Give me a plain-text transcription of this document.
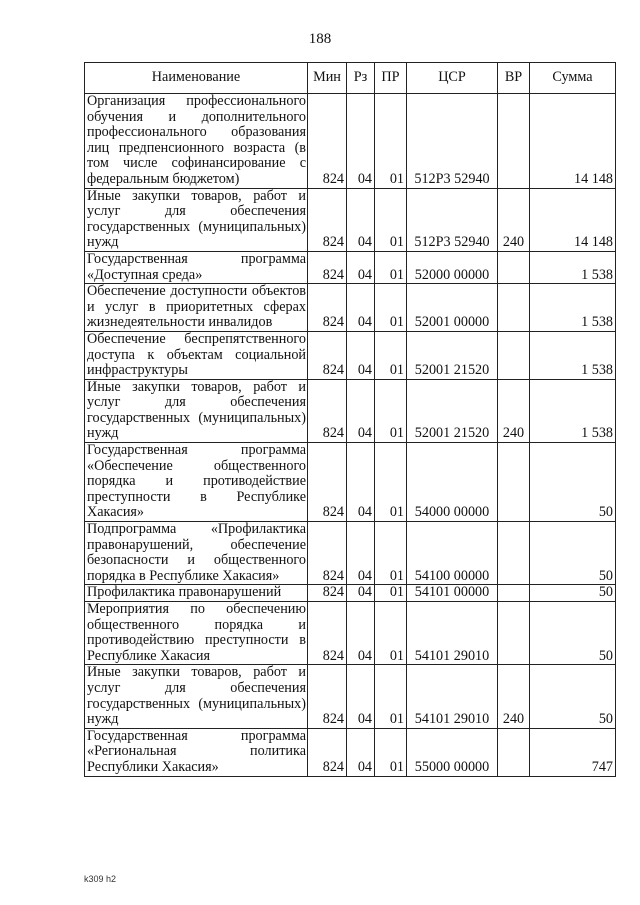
188
Наименование	Мин	Рз	ПР	ЦСР	ВР	Сумма
Организация профессионального обучения и дополнительного профессионального образования лиц предпенсионного возраста (в том числе софинансирование с федеральным бюджетом)	824	04	01	512P3 52940		14 148
Иные закупки товаров, работ и услуг для обеспечения государственных (муниципальных) нужд	824	04	01	512P3 52940	240	14 148
Государственная программа «Доступная среда»	824	04	01	52000 00000		1 538
Обеспечение доступности объектов и услуг в приоритетных сферах жизнедеятельности инвалидов	824	04	01	52001 00000		1 538
Обеспечение беспрепятственного доступа к объектам социальной инфраструктуры	824	04	01	52001 21520		1 538
Иные закупки товаров, работ и услуг для обеспечения государственных (муниципальных) нужд	824	04	01	52001 21520	240	1 538
Государственная программа «Обеспечение общественного порядка и противодействие преступности в Республике Хакасия»	824	04	01	54000 00000		50
Подпрограмма «Профилактика правонарушений, обеспечение безопасности и общественного порядка в Республике Хакасия»	824	04	01	54100 00000		50
Профилактика правонарушений	824	04	01	54101 00000		50
Мероприятия по обеспечению общественного порядка и противодействию преступности в Республике Хакасия	824	04	01	54101 29010		50
Иные закупки товаров, работ и услуг для обеспечения государственных (муниципальных) нужд	824	04	01	54101 29010	240	50
Государственная программа «Региональная политика Республики Хакасия»	824	04	01	55000 00000		747
k309 h2
